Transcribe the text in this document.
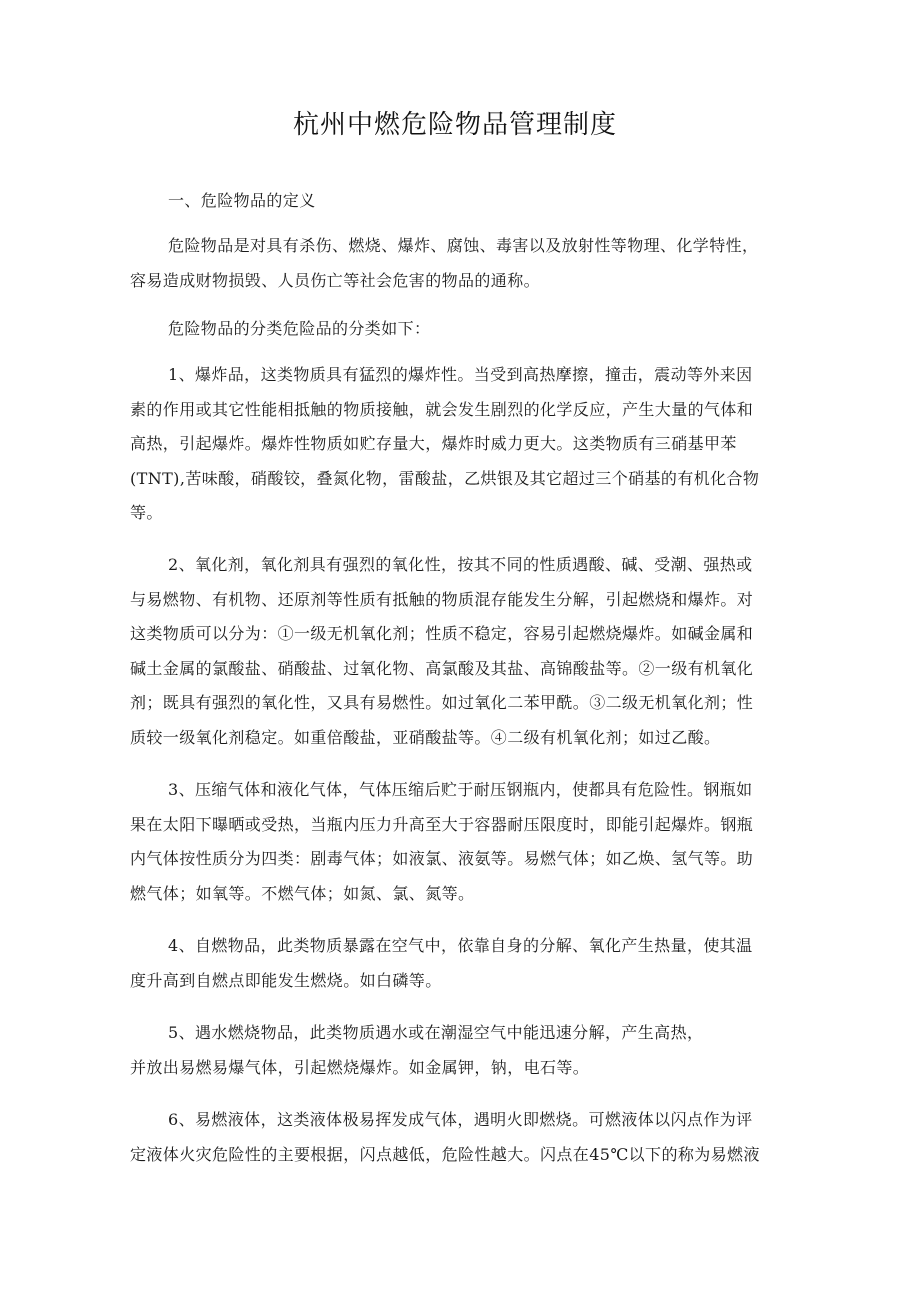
杭州中燃危险物品管理制度

一、危险物品的定义

危险物品是对具有杀伤、燃烧、爆炸、腐蚀、毒害以及放射性等物理、化学特性，
容易造成财物损毁、人员伤亡等社会危害的物品的通称。

危险物品的分类危险品的分类如下：

1、爆炸品，这类物质具有猛烈的爆炸性。当受到高热摩擦，撞击，震动等外来因
素的作用或其它性能相抵触的物质接触，就会发生剧烈的化学反应，产生大量的气体和
高热，引起爆炸。爆炸性物质如贮存量大，爆炸时威力更大。这类物质有三硝基甲苯
(TNT),苦味酸，硝酸铰，叠氮化物，雷酸盐，乙烘银及其它超过三个硝基的有机化合物
等。

2、氧化剂，氧化剂具有强烈的氧化性，按其不同的性质遇酸、碱、受潮、强热或
与易燃物、有机物、还原剂等性质有抵触的物质混存能发生分解，引起燃烧和爆炸。对
这类物质可以分为：①一级无机氧化剂；性质不稳定，容易引起燃烧爆炸。如碱金属和
碱土金属的氯酸盐、硝酸盐、过氧化物、高氯酸及其盐、高锦酸盐等。②一级有机氧化
剂；既具有强烈的氧化性，又具有易燃性。如过氧化二苯甲酰。③二级无机氧化剂；性
质较一级氧化剂稳定。如重倍酸盐，亚硝酸盐等。④二级有机氧化剂；如过乙酸。

3、压缩气体和液化气体，气体压缩后贮于耐压钢瓶内，使都具有危险性。钢瓶如
果在太阳下曝晒或受热，当瓶内压力升高至大于容器耐压限度时，即能引起爆炸。钢瓶
内气体按性质分为四类：剧毒气体；如液氯、液氨等。易燃气体；如乙焕、氢气等。助
燃气体；如氧等。不燃气体；如氮、氯、氮等。

4、自燃物品，此类物质暴露在空气中，依靠自身的分解、氧化产生热量，使其温
度升高到自燃点即能发生燃烧。如白磷等。

5、遇水燃烧物品，此类物质遇水或在潮湿空气中能迅速分解，产生高热，
并放出易燃易爆气体，引起燃烧爆炸。如金属钾，钠，电石等。

6、易燃液体，这类液体极易挥发成气体，遇明火即燃烧。可燃液体以闪点作为评
定液体火灾危险性的主要根据，闪点越低，危险性越大。闪点在45℃以下的称为易燃液
